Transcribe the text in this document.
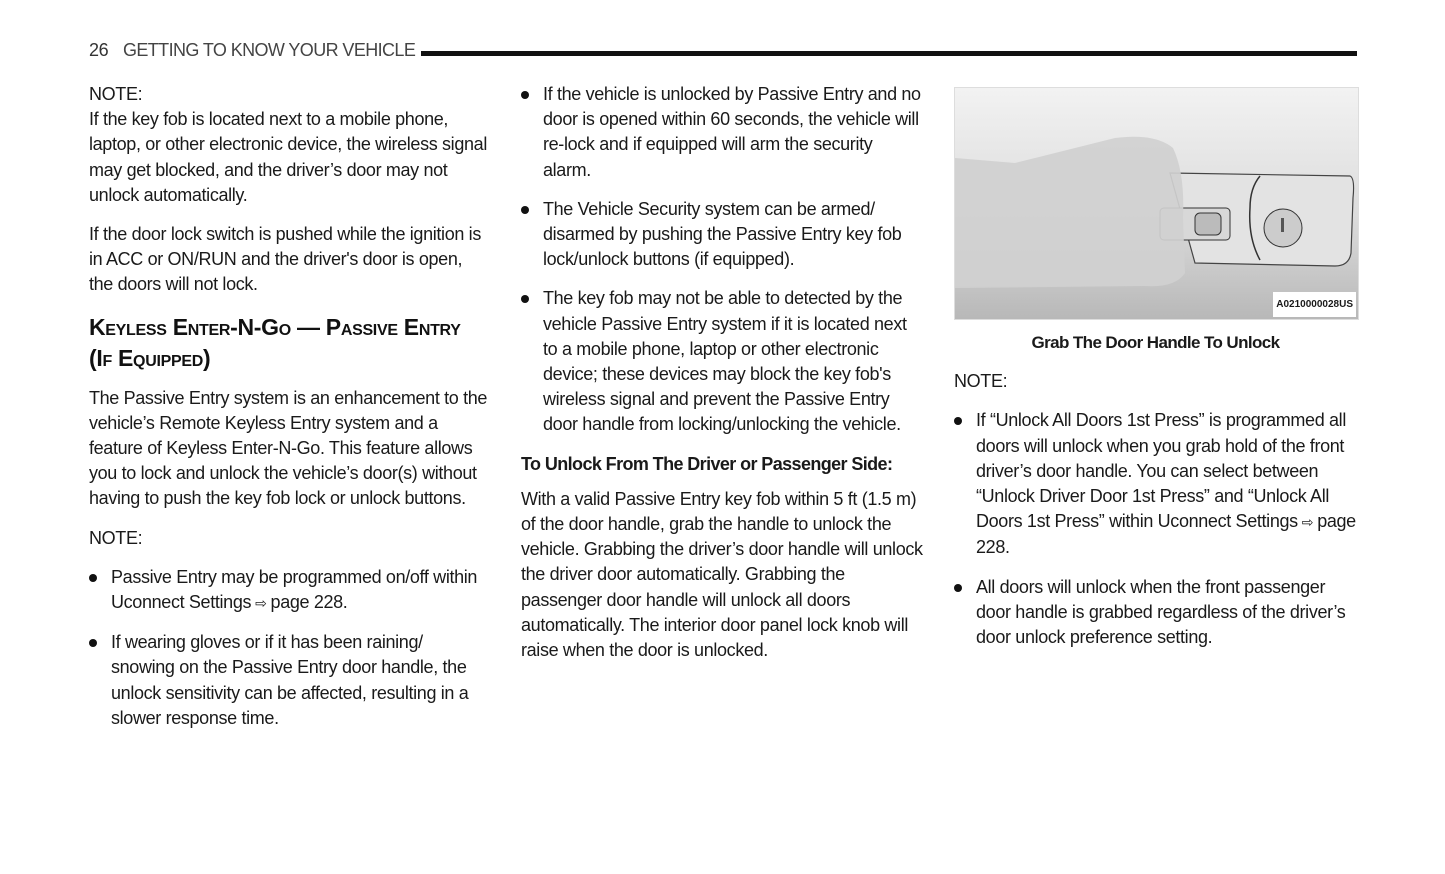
26 GETTING TO KNOW YOUR VEHICLE
NOTE:

If the key fob is located next to a mobile phone, laptop, or other electronic device, the wireless signal may get blocked, and the driver’s door may not unlock automatically.

If the door lock switch is pushed while the ignition is in ACC or ON/RUN and the driver's door is open, the doors will not lock.

Keyless Enter-N-Go — Passive Entry (If Equipped)

The Passive Entry system is an enhancement to the vehicle’s Remote Keyless Entry system and a feature of Keyless Enter-N-Go. This feature allows you to lock and unlock the vehicle’s door(s) without having to push the key fob lock or unlock buttons.

NOTE:

Passive Entry may be programmed on/off within Uconnect Settings ⇨ page 228.
If wearing gloves or if it has been raining/ snowing on the Passive Entry door handle, the unlock sensitivity can be affected, resulting in a slower response time.
If the vehicle is unlocked by Passive Entry and no door is opened within 60 seconds, the vehicle will re-lock and if equipped will arm the security alarm.
The Vehicle Security system can be armed/ disarmed by pushing the Passive Entry key fob lock/unlock buttons (if equipped).
The key fob may not be able to detected by the vehicle Passive Entry system if it is located next to a mobile phone, laptop or other electronic device; these devices may block the key fob's wireless signal and prevent the Passive Entry door handle from locking/unlocking the vehicle.

To Unlock From The Driver or Passenger Side:

With a valid Passive Entry key fob within 5 ft (1.5 m) of the door handle, grab the handle to unlock the vehicle. Grabbing the driver’s door handle will unlock the driver door automatically. Grabbing the passenger door handle will unlock all doors automatically. The interior door panel lock knob will raise when the door is unlocked.

A0210000028US
Grab The Door Handle To Unlock

NOTE:

If “Unlock All Doors 1st Press” is programmed all doors will unlock when you grab hold of the front driver’s door handle. You can select between “Unlock Driver Door 1st Press” and “Unlock All Doors 1st Press” within Uconnect Settings ⇨ page 228.
All doors will unlock when the front passenger door handle is grabbed regardless of the driver’s door unlock preference setting.
